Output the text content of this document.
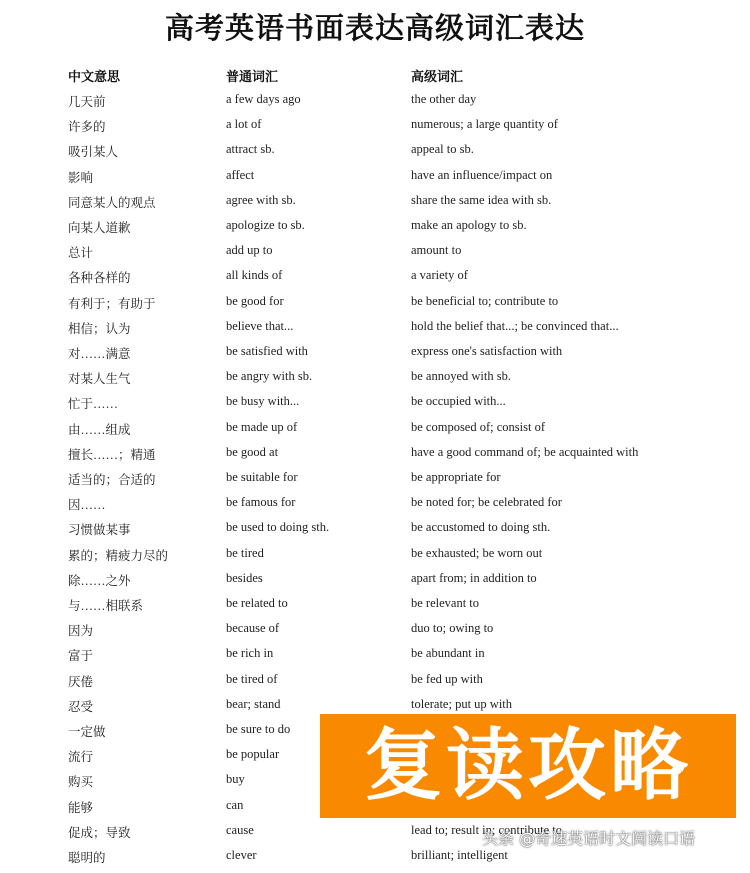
高考英语书面表达高级词汇表达
中文意思	普通词汇	高级词汇
几天前	a few days ago	the other day
许多的	a lot of	numerous; a large quantity of
吸引某人	attract sb.	appeal to sb.
影响	affect	have an influence/impact on
同意某人的观点	agree with sb.	share the same idea with sb.
向某人道歉	apologize to sb.	make an apology to sb.
总计	add up to	amount to
各种各样的	all kinds of	a variety of
有利于；有助于	be good for	be beneficial to; contribute to
相信；认为	believe that...	hold the belief that...; be convinced that...
对……满意	be satisfied with	express one's satisfaction with
对某人生气	be angry with sb.	be annoyed with sb.
忙于……	be busy with...	be occupied with...
由……组成	be made up of	be composed of; consist of
擅长……；精通	be good at	have a good command of; be acquainted with
适当的；合适的	be suitable for	be appropriate for
因……	be famous for	be noted for; be celebrated for
习惯做某事	be used to doing sth.	be accustomed to doing sth.
累的；精疲力尽的	be tired	be exhausted; be worn out
除……之外	besides	apart from; in addition to
与……相联系	be related to	be relevant to
因为	because of	duo to; owing to
富于	be rich in	be abundant in
厌倦	be tired of	be fed up with
忍受	bear; stand	tolerate; put up with
一定做	be sure to do
流行	be popular
购买	buy
能够	can
促成；导致	cause	lead to; result in; contribute to
聪明的	clever	brilliant; intelligent
复读攻略
头条 @奇速英语时文阅读口语
